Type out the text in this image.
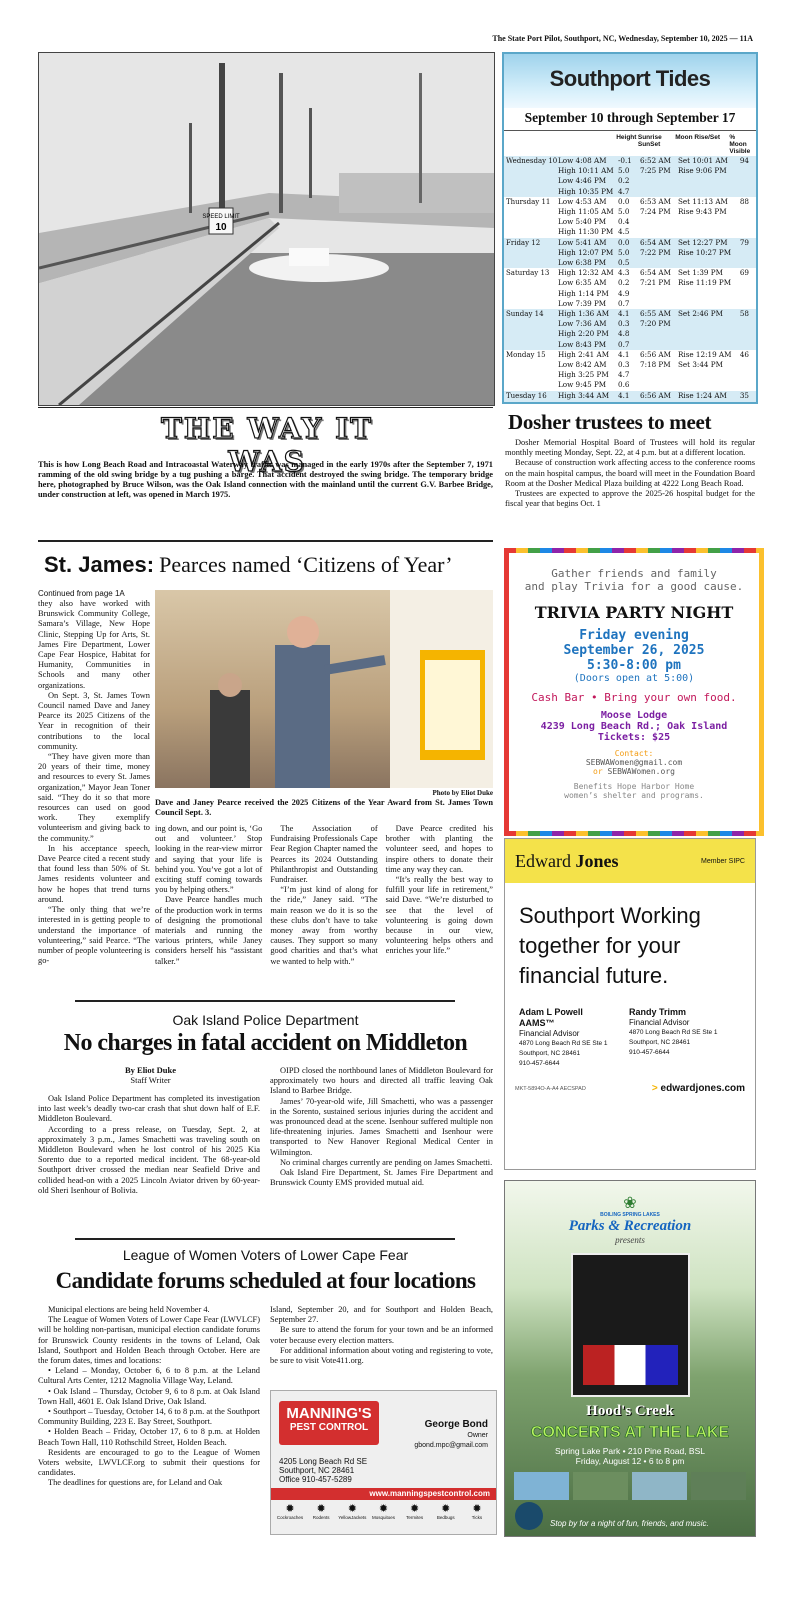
The State Port Pilot, Southport, NC, Wednesday, September 10, 2025 — 11A
SPEED LIMIT
10
Southport Tides
September 10 through September 17
Height Sunrise SunSet
Moon Rise/Set	% Moon Visible
Wednesday 10 Low 4:08 AM	-0.1	6:52 AM Set 10:01 AM	94
High 10:11 AM 5.0	7:25 PM	Rise 9:06 PM
Low 4:46 PM	0.2
High 10:35 PM 4.7
Thursday 11	Low 4:53 AM	0.0	6:53 AM Set 11:13 AM	88
High 11:05 AM 5.0	7:24 PM	Rise 9:43 PM
Low 5:40 PM	0.4
High 11:30 PM 4.5
Friday 12	Low 5:41 AM	0.0	6:54 AM Set 12:27 PM	79
High 12:07 PM 5.0	7:22 PM	Rise 10:27 PM
Low 6:38 PM	0.5
Saturday 13	High 12:32 AM 4.3	6:54 AM Set 1:39 PM	69
Low 6:35 AM	0.2	7:21 PM	Rise 11:19 PM
High 1:14 PM	4.9
Low 7:39 PM	0.7
Sunday 14	High 1:36 AM	4.1	6:55 AM Set 2:46 PM	58
Low 7:36 AM	0.3	7:20 PM
High 2:20 PM	4.8
Low 8:43 PM	0.7
Monday 15	High 2:41 AM	4.1	6:56 AM Rise 12:19 AM	46
Low 8:42 AM	0.3	7:18 PM	Set 3:44 PM
High 3:25 PM	4.7
Low 9:45 PM	0.6
Tuesday 16	High 3:44 AM	4.1	6:56 AM Rise 1:24 AM	35
THE WAY IT WAS
This is how Long Beach Road and Intracoastal Waterway traffic was managed in the early 1970s after the September 7, 1971 ramming of the old swing bridge by a tug pushing a barge. That accident destroyed the swing bridge. The temporary bridge here, photographed by Bruce Wilson, was the Oak Island connection with the mainland until the current G.V. Barbee Bridge, under construction at left, was opened in March 1975.
Dosher trustees to meet

Dosher Memorial Hospital Board of Trustees will hold its regular monthly meeting Monday, Sept. 22, at 4 p.m. but at a different location.

Because of construction work affecting access to the conference rooms on the main hospital campus, the board will meet in the Foundation Board Room at the Dosher Medical Plaza building at 4222 Long Beach Road.

Trustees are expected to approve the 2025-26 hospital budget for the fiscal year that begins Oct. 1

St. James: Pearces named ‘Citizens of Year’
Continued from page 1A

they also have worked with Brunswick Community College, Samara’s Village, New Hope Clinic, Stepping Up for Arts, St. James Fire Department, Lower Cape Fear Hospice, Habitat for Humanity, Communities in Schools and many other organizations.

On Sept. 3, St. James Town Council named Dave and Janey Pearce its 2025 Citizens of the Year in recognition of their contributions to the local community.

“They have given more than 20 years of their time, money and resources to every St. James organization,” Mayor Jean Toner said. “They do it so that more resources can used on good work. They exemplify volunteerism and giving back to the community.”

In his acceptance speech, Dave Pearce cited a recent study that found less than 50% of St. James residents volunteer and how he hopes that trend turns around.

“The only thing that we’re interested in is getting people to understand the importance of volunteering,” said Pearce. “The number of people volunteering is go-

Photo by Eliot Duke
Dave and Janey Pearce received the 2025 Citizens of the Year Award from St. James Town Council Sept. 3.

ing down, and our point is, ‘Go out and volunteer.’ Stop looking in the rear-view mirror and saying that your life is behind you. You’ve got a lot of exciting stuff coming towards you by helping others.”

Dave Pearce handles much of the production work in terms of designing the promotional materials and running the various printers, while Janey considers herself his “assistant talker.”

The Association of Fundraising Professionals Cape Fear Region Chapter named the Pearces its 2024 Outstanding Philanthropist and Outstanding Fundraiser.

“I’m just kind of along for the ride,” Janey said. “The main reason we do it is so the these clubs don’t have to take money away from worthy causes. They support so many good charities and that’s what we wanted to help with.”

Dave Pearce credited his brother with planting the volunteer seed, and hopes to inspire others to donate their time any way they can.

“It’s really the best way to fulfill your life in retirement,” said Dave. “We’re disturbed to see that the level of volunteering is going down because in our view, volunteering helps others and enriches your life.”

Gather friends and family
and play Trivia for a good cause.
TRIVIA PARTY NIGHT
Friday evening
September 26, 2025
5:30-8:00 pm
(Doors open at 5:00)
Cash Bar • Bring your own food.
Moose Lodge
4239 Long Beach Rd.; Oak Island
Tickets: $25
Contact:
SEBWAWomen@gmail.com
or SEBWAWomen.org
Benefits Hope Harbor Home
women’s shelter and programs.
Edward Jones	Member SIPC
Southport Working together for your financial future.
Adam L Powell AAMS™
Financial Advisor
4870 Long Beach Rd SE Ste 1
Southport, NC 28461
910-457-6644
Randy Trimm
Financial Advisor
4870 Long Beach Rd SE Ste 1
Southport, NC 28461
910-457-6644
MKT-5894O-A-A4 AECSPAD	> edwardjones.com
Oak Island Police Department
No charges in fatal accident on Middleton
By Eliot Duke
Staff Writer

Oak Island Police Department has completed its investigation into last week’s deadly two-car crash that shut down half of E.F. Middleton Boulevard.

According to a press release, on Tuesday, Sept. 2, at approximately 3 p.m., James Smachetti was traveling south on Middleton Boulevard when he lost control of his 2025 Kia Sorento due to a reported medical incident. The 68-year-old Southport driver crossed the median near Seafield Drive and collided head-on with a 2025 Lincoln Aviator driven by 60-year-old Sheri Isenhour of Bolivia.

OIPD closed the northbound lanes of Middleton Boulevard for approximately two hours and directed all traffic leaving Oak Island to Barbee Bridge.

James’ 70-year-old wife, Jill Smachetti, who was a passenger in the Sorento, sustained serious injuries during the accident and was pronounced dead at the scene. Isenhour suffered multiple non life-threatening injuries. James Smachetti and Isenhour were transported to New Hanover Regional Medical Center in Wilmington.

No criminal charges currently are pending on James Smachetti.

Oak Island Fire Department, St. James Fire Department and Brunswick County EMS provided mutual aid.

League of Women Voters of Lower Cape Fear
Candidate forums scheduled at four locations

Municipal elections are being held November 4.

The League of Women Voters of Lower Cape Fear (LWVLCF) will be holding non-partisan, municipal election candidate forums for Brunswick County residents in the towns of Leland, Oak Island, Southport and Holden Beach through October. Here are the forum dates, times and locations:

• Leland – Monday, October 6, 6 to 8 p.m. at the Leland Cultural Arts Center, 1212 Magnolia Village Way, Leland.

• Oak Island – Thursday, October 9, 6 to 8 p.m. at Oak Island Town Hall, 4601 E. Oak Island Drive, Oak Island.

• Southport – Tuesday, October 14, 6 to 8 p.m. at the Southport Community Building, 223 E. Bay Street, Southport.

• Holden Beach – Friday, October 17, 6 to 8 p.m. at Holden Beach Town Hall, 110 Rothschild Street, Holden Beach.

Residents are encouraged to go to the League of Women Voters website, LWVLCF.org to submit their questions for candidates.

The deadlines for questions are, for Leland and Oak

Island, September 20, and for Southport and Holden Beach, September 27.

Be sure to attend the forum for your town and be an informed voter because every election matters.

For additional information about voting and registering to vote, be sure to visit Vote411.org.

MANNING'S
PEST CONTROL	George Bond
Owner
gbond.mpc@gmail.com
4205 Long Beach Rd SE
Southport, NC 28461
Office 910-457-5289
www.manningspestcontrol.com
✹
Cockroaches
✹
Rodents
✹
YellowJackets
✹
Mosquitoes
✹
Termites
✹
Bedbugs
✹
Ticks
❀
BOILING SPRING LAKES
Parks & Recreation
presents
Hood's Creek
CONCERTS AT THE LAKE
Spring Lake Park • 210 Pine Road, BSL
Friday, August 12 • 6 to 8 pm
Stop by for a night of fun, friends, and music.
